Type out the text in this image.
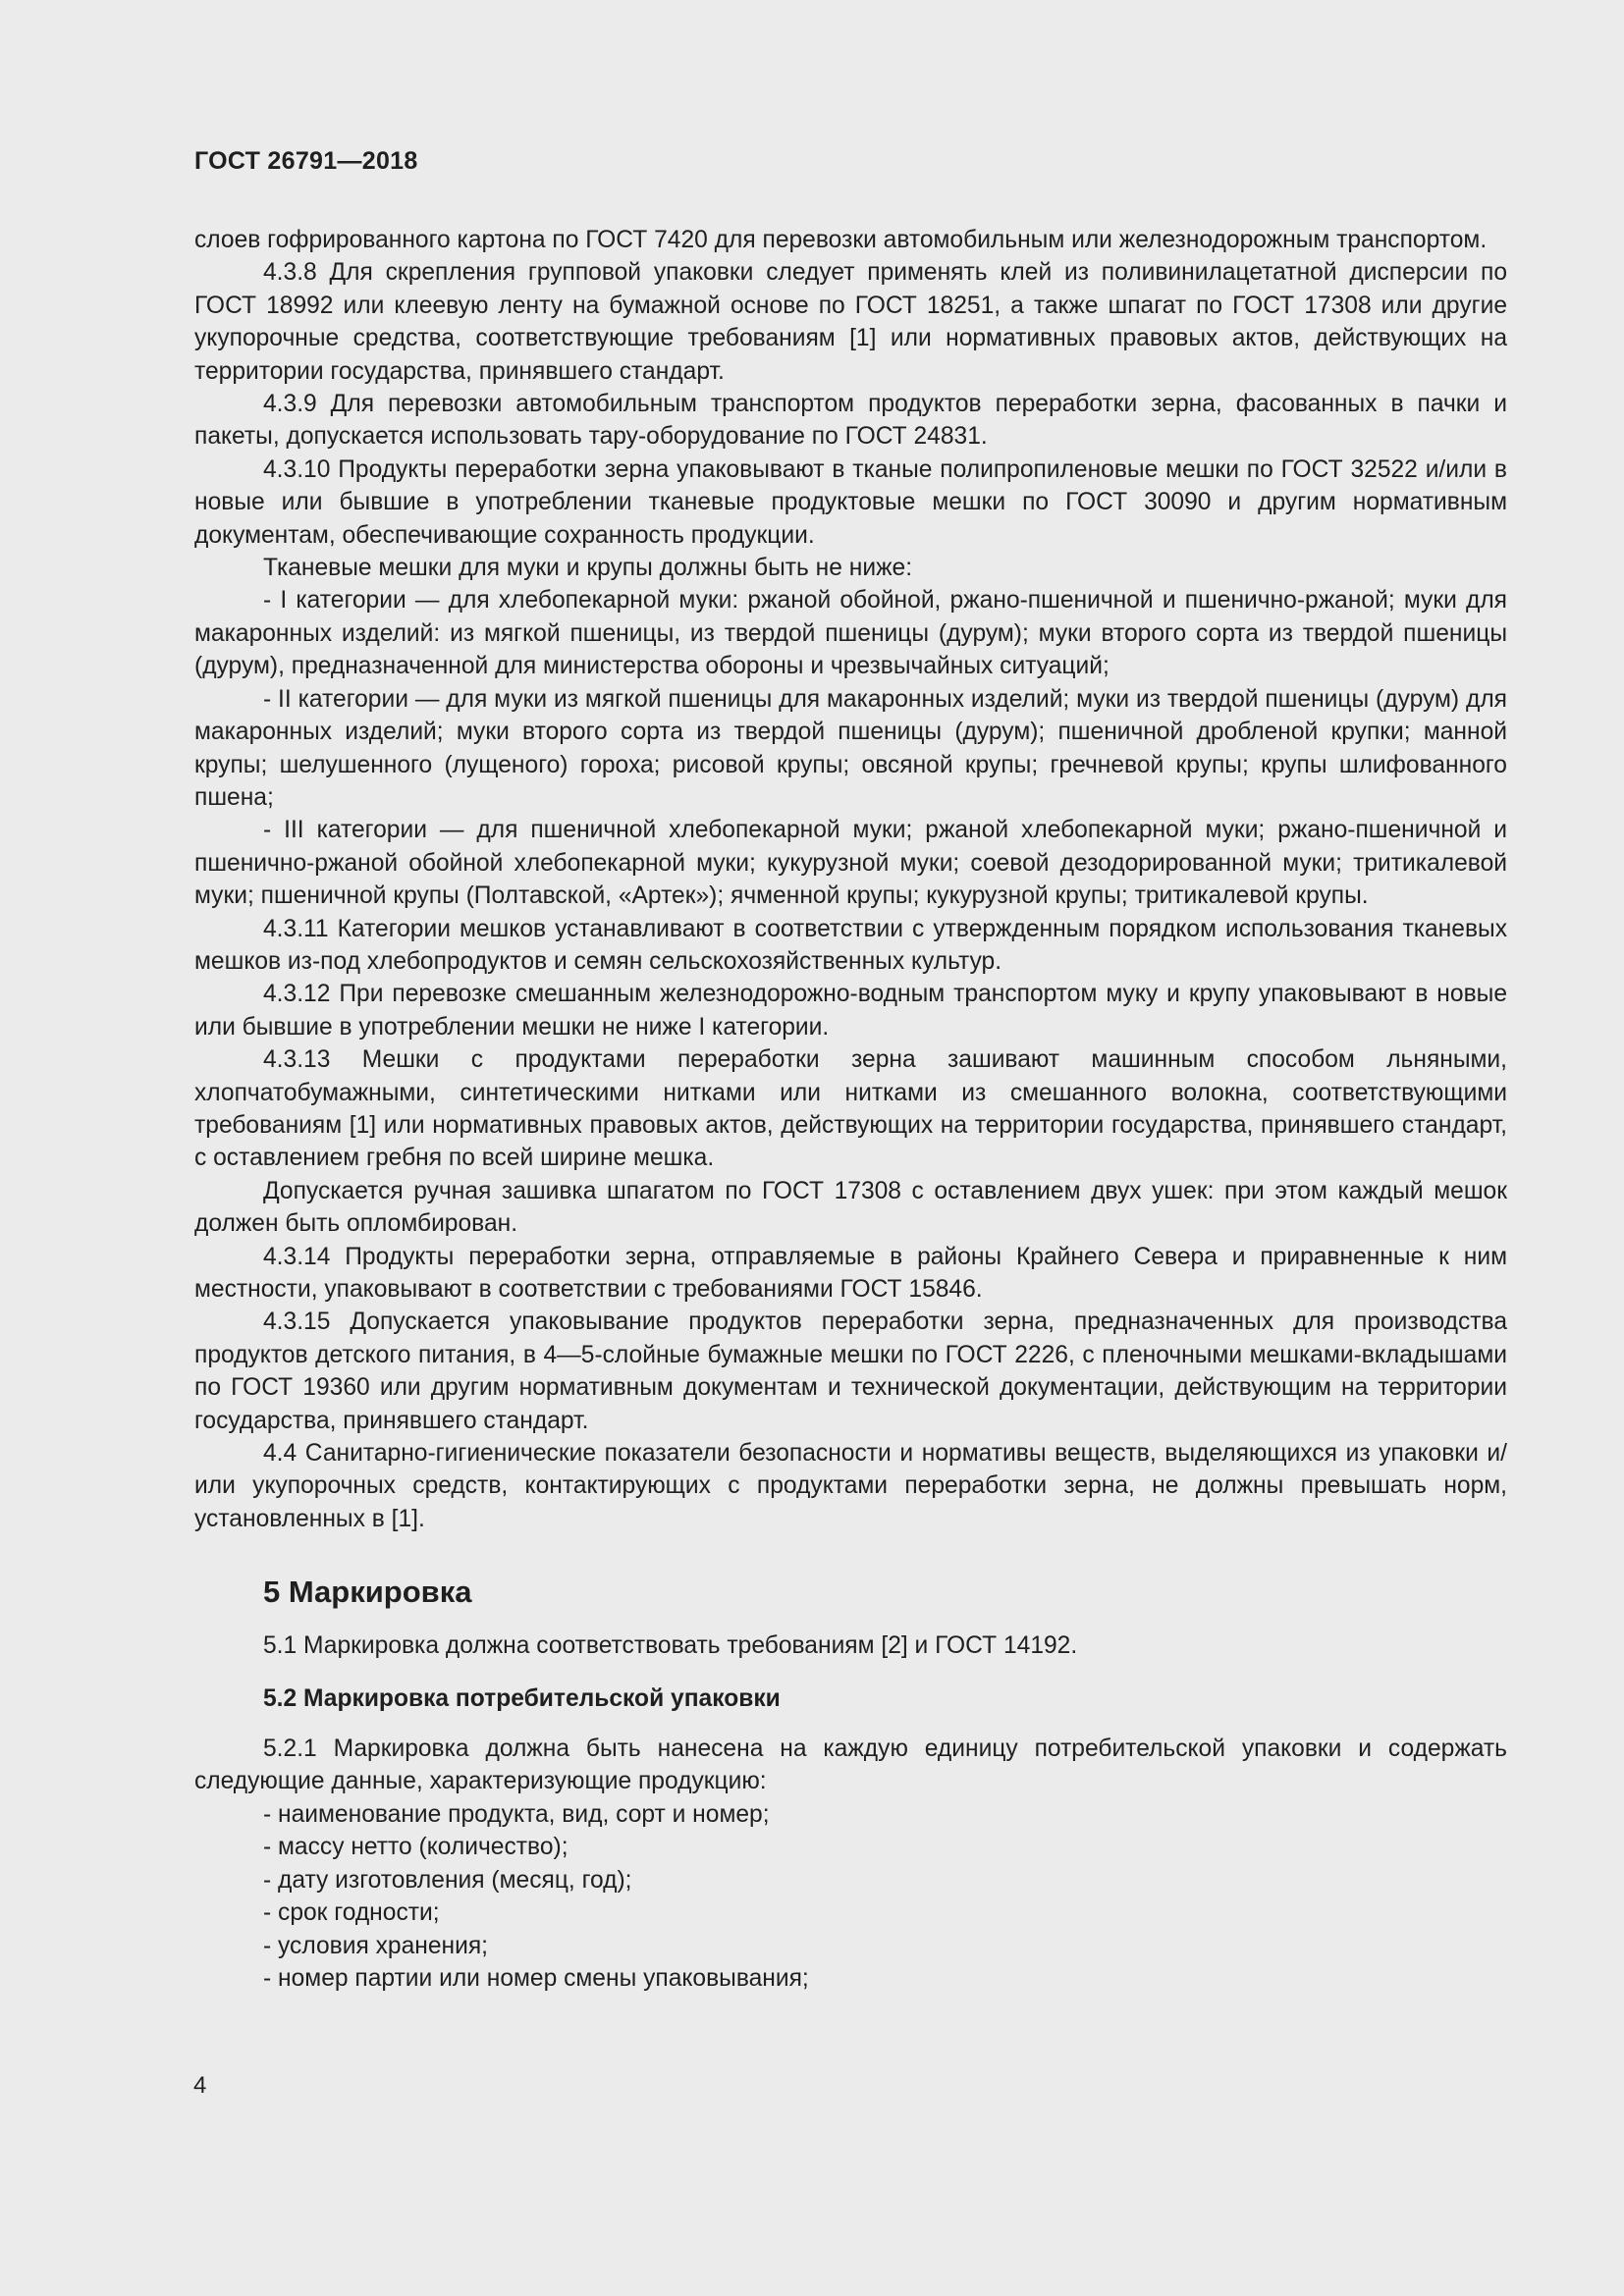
ГОСТ 26791—2018

слоев гофрированного картона по ГОСТ 7420 для перевозки автомобильным или железнодорожным транспортом.

4.3.8 Для скрепления групповой упаковки следует применять клей из поливинилацетатной дисперсии по ГОСТ 18992 или клеевую ленту на бумажной основе по ГОСТ 18251, а также шпагат по ГОСТ 17308 или другие укупорочные средства, соответствующие требованиям [1] или нормативных правовых актов, действующих на территории государства, принявшего стандарт.

4.3.9 Для перевозки автомобильным транспортом продуктов переработки зерна, фасованных в пачки и пакеты, допускается использовать тару-оборудование по ГОСТ 24831.

4.3.10 Продукты переработки зерна упаковывают в тканые полипропиленовые мешки по ГОСТ 32522 и/или в новые или бывшие в употреблении тканевые продуктовые мешки по ГОСТ 30090 и другим нормативным документам, обеспечивающие сохранность продукции.

Тканевые мешки для муки и крупы должны быть не ниже:

- I категории — для хлебопекарной муки: ржаной обойной, ржано-пшеничной и пшенично-ржаной; муки для макаронных изделий: из мягкой пшеницы, из твердой пшеницы (дурум); муки второго сорта из твердой пшеницы (дурум), предназначенной для министерства обороны и чрезвычайных ситуаций;

- II категории — для муки из мягкой пшеницы для макаронных изделий; муки из твердой пшеницы (дурум) для макаронных изделий; муки второго сорта из твердой пшеницы (дурум); пшеничной дробленой крупки; манной крупы; шелушенного (лущеного) гороха; рисовой крупы; овсяной крупы; гречневой крупы; крупы шлифованного пшена;

- III категории — для пшеничной хлебопекарной муки; ржаной хлебопекарной муки; ржано-пшеничной и пшенично-ржаной обойной хлебопекарной муки; кукурузной муки; соевой дезодорированной муки; тритикалевой муки; пшеничной крупы (Полтавской, «Артек»); ячменной крупы; кукурузной крупы; тритикалевой крупы.

4.3.11 Категории мешков устанавливают в соответствии с утвержденным порядком использования тканевых мешков из-под хлебопродуктов и семян сельскохозяйственных культур.

4.3.12 При перевозке смешанным железнодорожно-водным транспортом муку и крупу упаковывают в новые или бывшие в употреблении мешки не ниже I категории.

4.3.13 Мешки с продуктами переработки зерна зашивают машинным способом льняными, хлопчатобумажными, синтетическими нитками или нитками из смешанного волокна, соответствующими требованиям [1] или нормативных правовых актов, действующих на территории государства, принявшего стандарт, с оставлением гребня по всей ширине мешка.

Допускается ручная зашивка шпагатом по ГОСТ 17308 с оставлением двух ушек: при этом каждый мешок должен быть опломбирован.

4.3.14 Продукты переработки зерна, отправляемые в районы Крайнего Севера и приравненные к ним местности, упаковывают в соответствии с требованиями ГОСТ 15846.

4.3.15 Допускается упаковывание продуктов переработки зерна, предназначенных для производства продуктов детского питания, в 4—5-слойные бумажные мешки по ГОСТ 2226, с пленочными мешками-вкладышами по ГОСТ 19360 или другим нормативным документам и технической документации, действующим на территории государства, принявшего стандарт.

4.4 Санитарно-гигиенические показатели безопасности и нормативы веществ, выделяющихся из упаковки и/или укупорочных средств, контактирующих с продуктами переработки зерна, не должны превышать норм, установленных в [1].

5 Маркировка

5.1 Маркировка должна соответствовать требованиям [2] и ГОСТ 14192.

5.2 Маркировка потребительской упаковки

5.2.1 Маркировка должна быть нанесена на каждую единицу потребительской упаковки и содержать следующие данные, характеризующие продукцию:

- наименование продукта, вид, сорт и номер;

- массу нетто (количество);

- дату изготовления (месяц, год);

- срок годности;

- условия хранения;

- номер партии или номер смены упаковывания;

4
